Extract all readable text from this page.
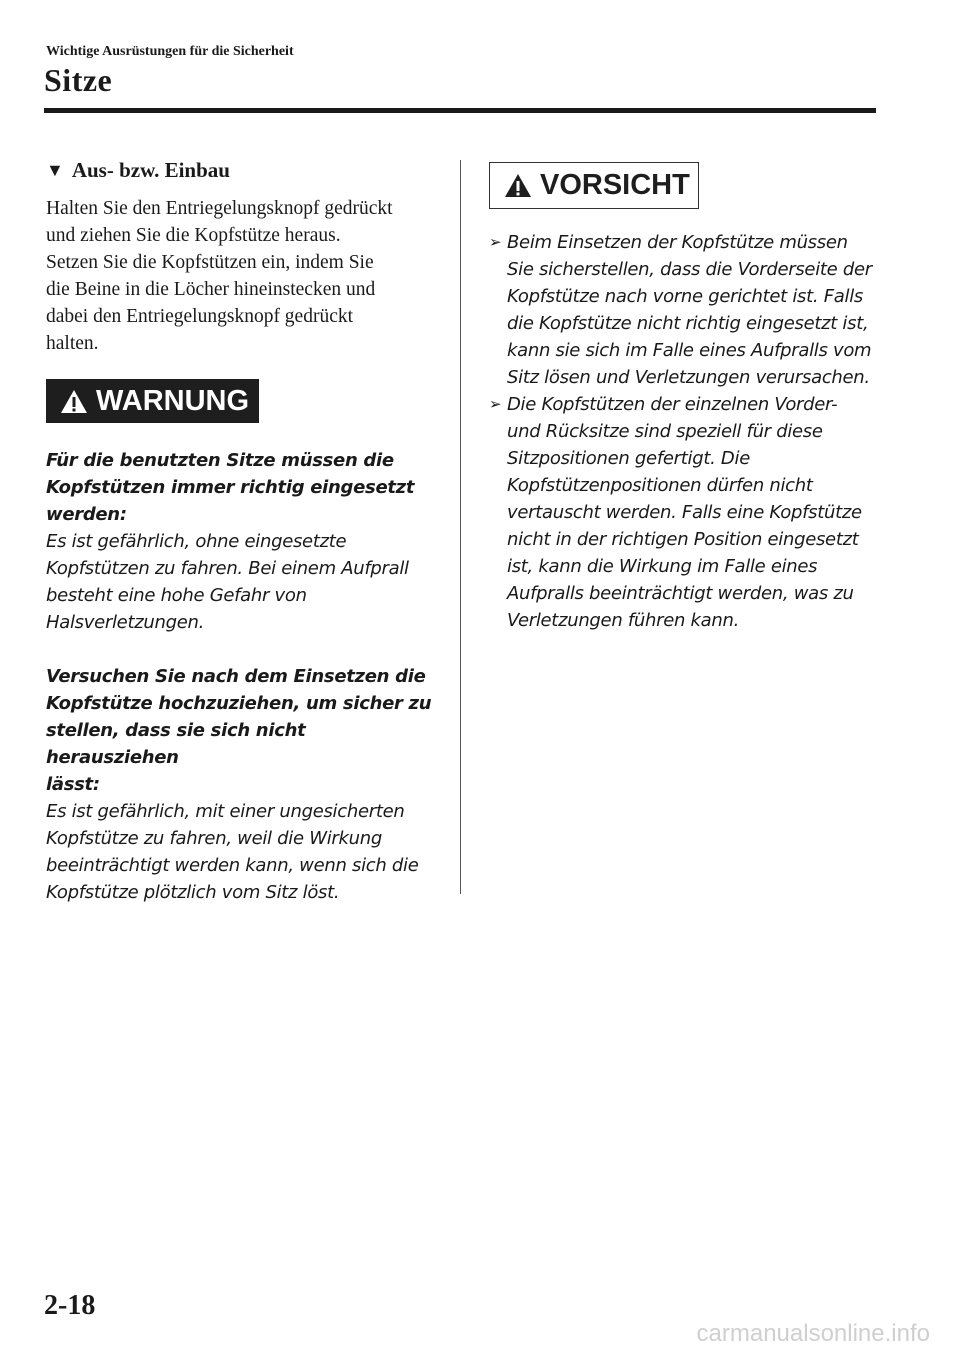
Wichtige Ausrüstungen für die Sicherheit
Sitze
▼ Aus- bzw. Einbau

Halten Sie den Entriegelungsknopf gedrückt
und ziehen Sie die Kopfstütze heraus.
Setzen Sie die Kopfstützen ein, indem Sie
die Beine in die Löcher hineinstecken und
dabei den Entriegelungsknopf gedrückt
halten.

WARNUNG

Für die benutzten Sitze müssen die
Kopfstützen immer richtig eingesetzt
werden:

Es ist gefährlich, ohne eingesetzte
Kopfstützen zu fahren. Bei einem Aufprall
besteht eine hohe Gefahr von
Halsverletzungen.

Versuchen Sie nach dem Einsetzen die
Kopfstütze hochzuziehen, um sicher zu
stellen, dass sie sich nicht herausziehen
lässt:

Es ist gefährlich, mit einer ungesicherten
Kopfstütze zu fahren, weil die Wirkung
beeinträchtigt werden kann, wenn sich die
Kopfstütze plötzlich vom Sitz löst.

VORSICHT
➢ Beim Einsetzen der Kopfstütze müssen
Sie sicherstellen, dass die Vorderseite der
Kopfstütze nach vorne gerichtet ist. Falls
die Kopfstütze nicht richtig eingesetzt ist,
kann sie sich im Falle eines Aufpralls vom
Sitz lösen und Verletzungen verursachen.
➢ Die Kopfstützen der einzelnen Vorder-
und Rücksitze sind speziell für diese
Sitzpositionen gefertigt. Die
Kopfstützenpositionen dürfen nicht
vertauscht werden. Falls eine Kopfstütze
nicht in der richtigen Position eingesetzt
ist, kann die Wirkung im Falle eines
Aufpralls beeinträchtigt werden, was zu
Verletzungen führen kann.
2-18
carmanualsonline.info
